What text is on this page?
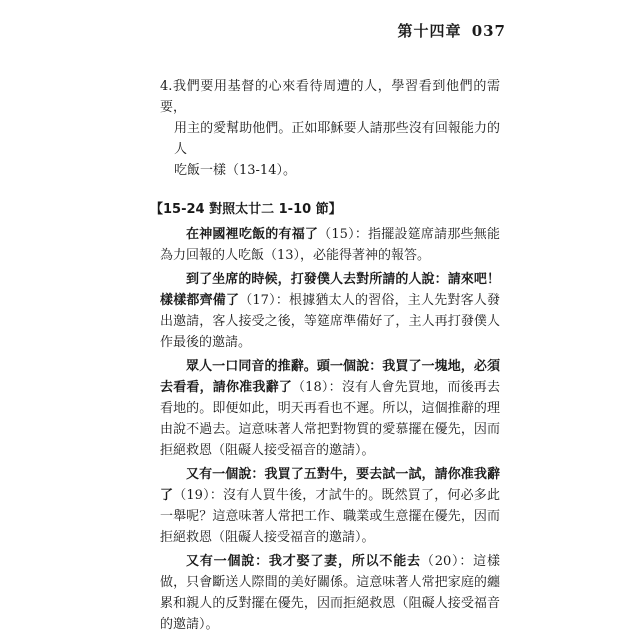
第十四章 037
4.我們要用基督的心來看待周遭的人，學習看到他們的需要，
用主的愛幫助他們。正如耶穌要人請那些沒有回報能力的人
吃飯一樣（13-14）。
【15-24 對照太廿二 1-10 節】

在神國裡吃飯的有福了（15）：指擺設筵席請那些無能為力回報的人吃飯（13），必能得著神的報答。

到了坐席的時候，打發僕人去對所請的人說：請來吧！樣樣都齊備了（17）：根據猶太人的習俗，主人先對客人發出邀請，客人接受之後，等筵席準備好了，主人再打發僕人作最後的邀請。

眾人一口同音的推辭。頭一個說：我買了一塊地，必須去看看，請你准我辭了（18）：沒有人會先買地，而後再去看地的。即便如此，明天再看也不遲。所以，這個推辭的理由說不過去。這意味著人常把對物質的愛慕擺在優先，因而拒絕救恩（阻礙人接受福音的邀請）。

又有一個說：我買了五對牛，要去試一試，請你准我辭了（19）：沒有人買牛後，才試牛的。既然買了，何必多此一舉呢？這意味著人常把工作、職業或生意擺在優先，因而拒絕救恩（阻礙人接受福音的邀請）。

又有一個說：我才娶了妻，所以不能去（20）：這樣做，只會斷送人際間的美好關係。這意味著人常把家庭的纏累和親人的反對擺在優先，因而拒絕救恩（阻礙人接受福音的邀請）。
